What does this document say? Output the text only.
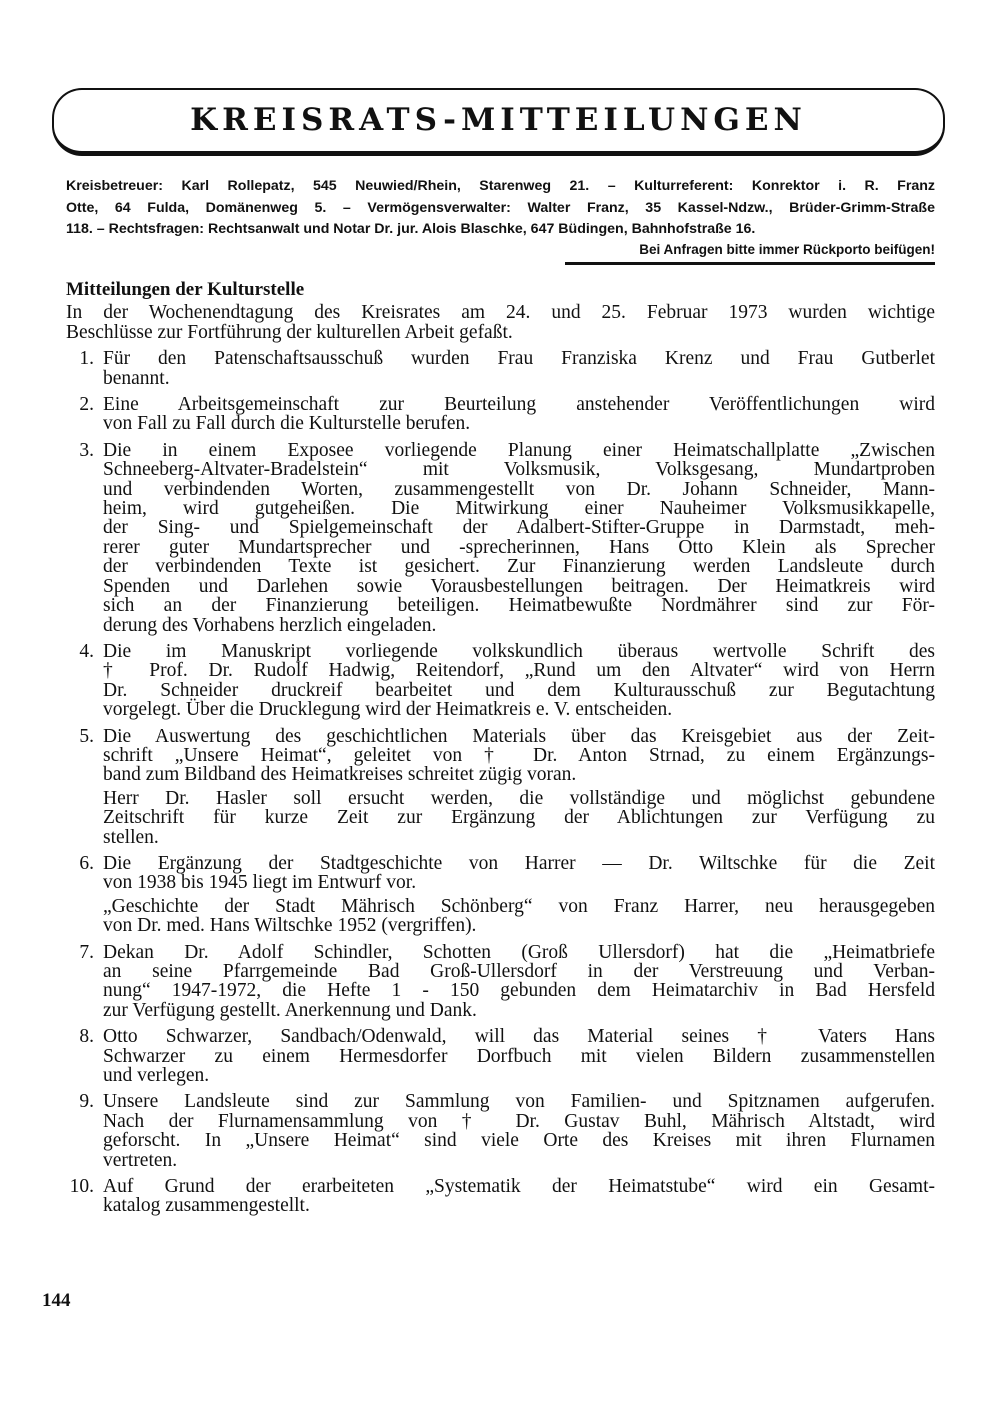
KREISRATS-MITTEILUNGEN
Kreisbetreuer: Karl Rollepatz, 545 Neuwied/Rhein, Starenweg 21. – Kulturreferent: Konrektor i. R. Franz
Otte, 64 Fulda, Domänenweg 5. – Vermögensverwalter: Walter Franz, 35 Kassel-Ndzw., Brüder-Grimm-Straße
118. – Rechtsfragen: Rechtsanwalt und Notar Dr. jur. Alois Blaschke, 647 Büdingen, Bahnhofstraße 16.
Bei Anfragen bitte immer Rückporto beifügen!
Mitteilungen der Kulturstelle
In der Wochenendtagung des Kreisrates am 24. und 25. Februar 1973 wurden wichtige
Beschlüsse zur Fortführung der kulturellen Arbeit gefaßt.
1. Für den Patenschaftsausschuß wurden Frau Franziska Krenz und Frau Gutberlet
benannt.
2. Eine Arbeitsgemeinschaft zur Beurteilung anstehender Veröffentlichungen wird
von Fall zu Fall durch die Kulturstelle berufen.
3. Die in einem Exposee vorliegende Planung einer Heimatschallplatte „Zwischen
Schneeberg-Altvater-Bradelstein“ mit Volksmusik, Volksgesang, Mundartproben
und verbindenden Worten, zusammengestellt von Dr. Johann Schneider, Mann-
heim, wird gutgeheißen. Die Mitwirkung einer Nauheimer Volksmusikkapelle,
der Sing- und Spielgemeinschaft der Adalbert-Stifter-Gruppe in Darmstadt, meh-
rerer guter Mundartsprecher und -sprecherinnen, Hans Otto Klein als Sprecher
der verbindenden Texte ist gesichert. Zur Finanzierung werden Landsleute durch
Spenden und Darlehen sowie Vorausbestellungen beitragen. Der Heimatkreis wird
sich an der Finanzierung beteiligen. Heimatbewußte Nordmährer sind zur För-
derung des Vorhabens herzlich eingeladen.
4. Die im Manuskript vorliegende volkskundlich überaus wertvolle Schrift des
† Prof. Dr. Rudolf Hadwig, Reitendorf, „Rund um den Altvater“ wird von Herrn
Dr. Schneider druckreif bearbeitet und dem Kulturausschuß zur Begutachtung
vorgelegt. Über die Drucklegung wird der Heimatkreis e. V. entscheiden.
5. Die Auswertung des geschichtlichen Materials über das Kreisgebiet aus der Zeit-
schrift „Unsere Heimat“, geleitet von † Dr. Anton Strnad, zu einem Ergänzungs-
band zum Bildband des Heimatkreises schreitet zügig voran.
Herr Dr. Hasler soll ersucht werden, die vollständige und möglichst gebundene
Zeitschrift für kurze Zeit zur Ergänzung der Ablichtungen zur Verfügung zu
stellen.
6. Die Ergänzung der Stadtgeschichte von Harrer — Dr. Wiltschke für die Zeit
von 1938 bis 1945 liegt im Entwurf vor.
„Geschichte der Stadt Mährisch Schönberg“ von Franz Harrer, neu herausgegeben
von Dr. med. Hans Wiltschke 1952 (vergriffen).
7. Dekan Dr. Adolf Schindler, Schotten (Groß Ullersdorf) hat die „Heimatbriefe
an seine Pfarrgemeinde Bad Groß-Ullersdorf in der Verstreuung und Verban-
nung“ 1947-1972, die Hefte 1 - 150 gebunden dem Heimatarchiv in Bad Hersfeld
zur Verfügung gestellt. Anerkennung und Dank.
8. Otto Schwarzer, Sandbach/Odenwald, will das Material seines † Vaters Hans
Schwarzer zu einem Hermesdorfer Dorfbuch mit vielen Bildern zusammenstellen
und verlegen.
9. Unsere Landsleute sind zur Sammlung von Familien- und Spitznamen aufgerufen.
Nach der Flurnamensammlung von † Dr. Gustav Buhl, Mährisch Altstadt, wird
geforscht. In „Unsere Heimat“ sind viele Orte des Kreises mit ihren Flurnamen
vertreten.
10. Auf Grund der erarbeiteten „Systematik der Heimatstube“ wird ein Gesamt-
katalog zusammengestellt.
144
